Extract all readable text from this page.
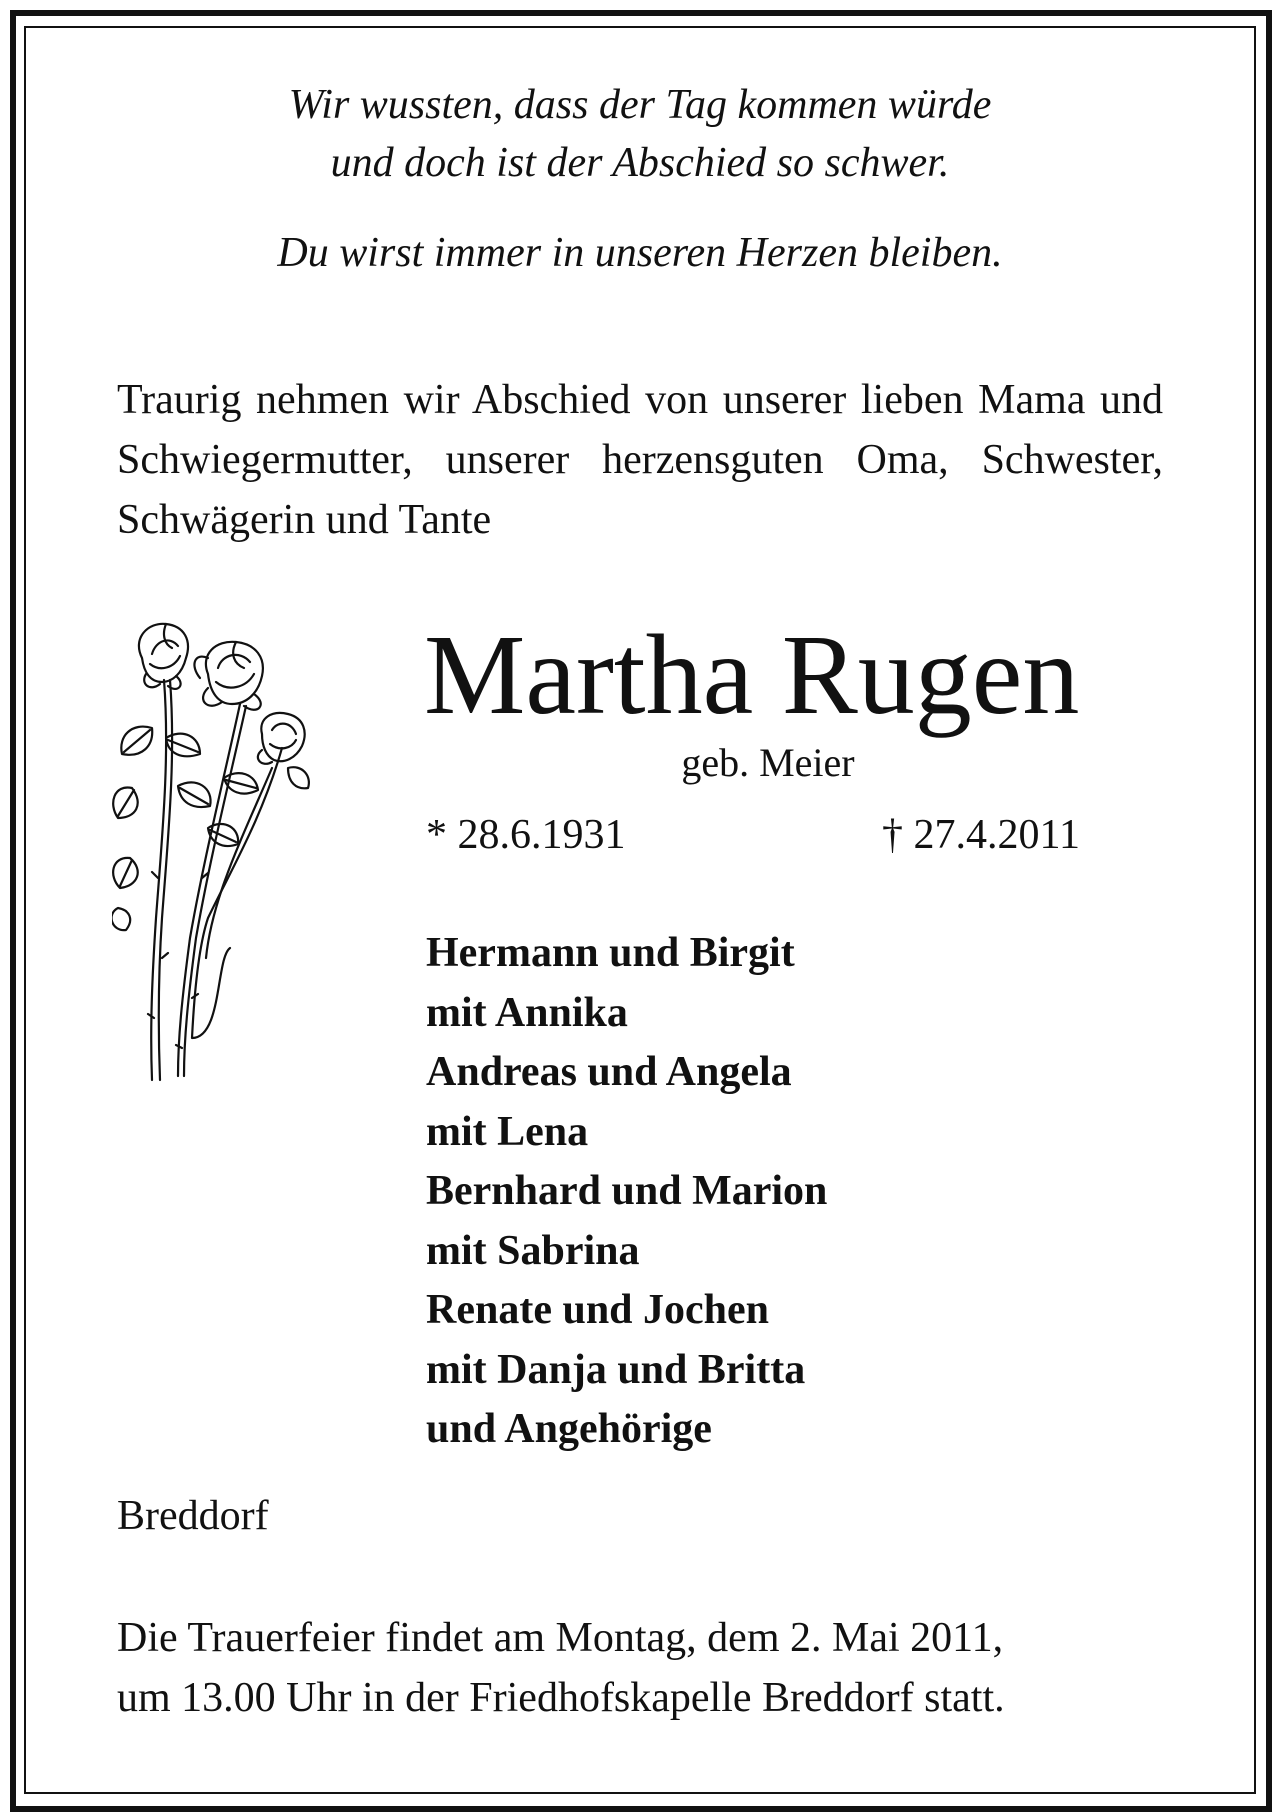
Wir wussten, dass der Tag kommen würde
und doch ist der Abschied so schwer.
Du wirst immer in unseren Herzen bleiben.
Traurig nehmen wir Abschied von unserer lieben Mama und Schwiegermutter, unserer herzensguten Oma, Schwester, Schwägerin und Tante
Martha Rugen
geb. Meier
* 28.6.1931	† 27.4.2011
Hermann und Birgit
mit Annika
Andreas und Angela
mit Lena
Bernhard und Marion
mit Sabrina
Renate und Jochen
mit Danja und Britta
und Angehörige
Breddorf
Die Trauerfeier findet am Montag, dem 2. Mai 2011,
um 13.00 Uhr in der Friedhofskapelle Breddorf statt.
